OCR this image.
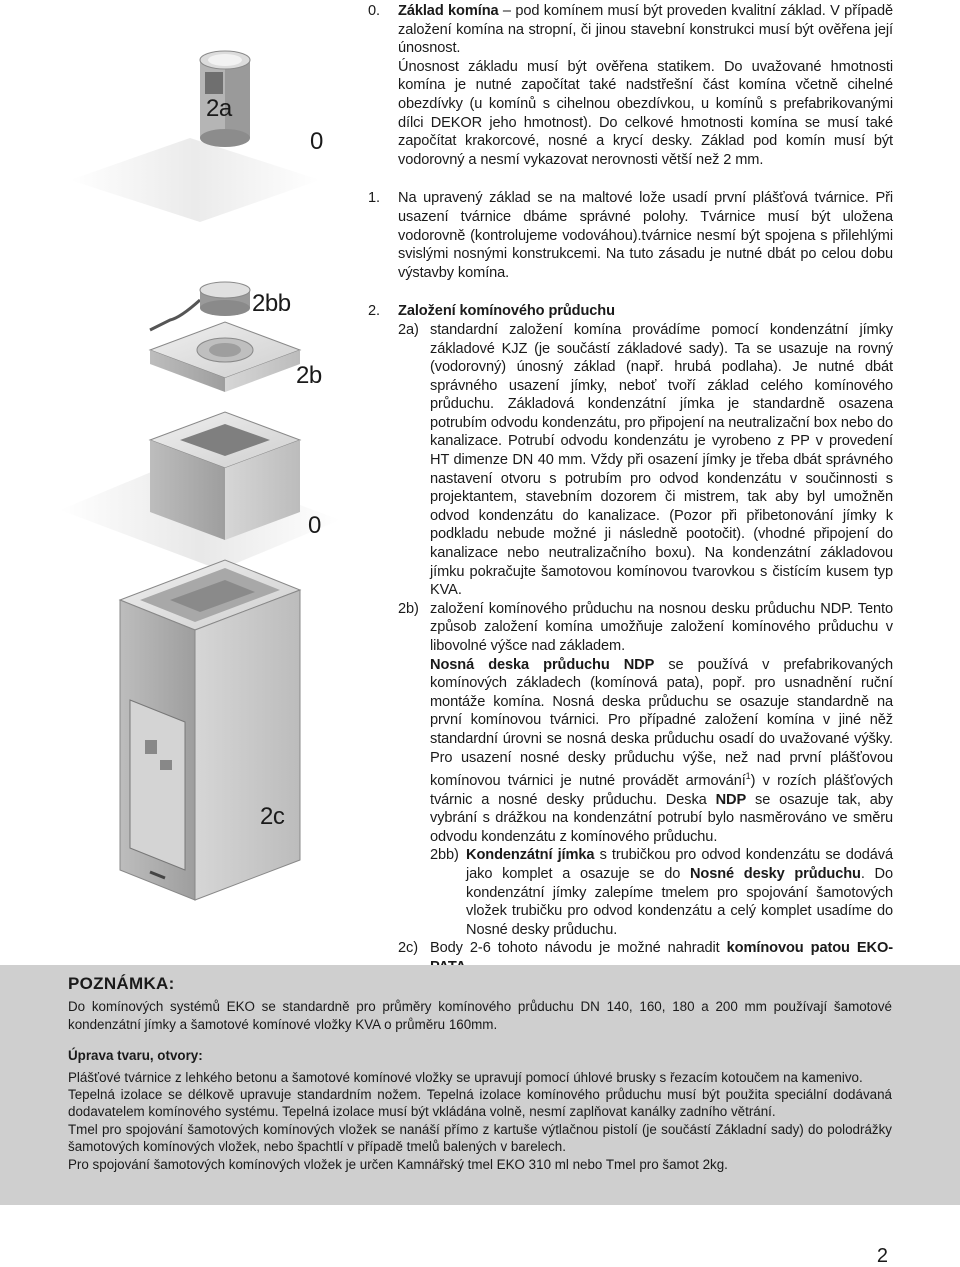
2a
0
2bb
2b
0
2c
0. Základ komína – pod komínem musí být proveden kvalitní základ. V případě založení komína na stropní, či jinou stavební konstrukci musí být ověřena její únosnost.

Únosnost základu musí být ověřena statikem. Do uvažované hmotnosti komína je nutné započítat také nadstřešní část komína včetně cihelné obezdívky (u komínů s cihelnou obezdívkou, u komínů s prefabrikovanými dílci DEKOR jeho hmotnost). Do celkové hmotnosti komína se musí také započítat krakorcové, nosné a krycí desky. Základ pod komín musí být vodorovný a nesmí vykazovat nerovnosti větší než 2 mm.

1. Na upravený základ se na maltové lože usadí první plášťová tvárnice. Při usazení tvárnice dbáme správné polohy. Tvárnice musí být uložena vodorovně (kontrolujeme vodováhou).tvárnice nesmí být spojena s přilehlými svislými nosnými konstrukcemi. Na tuto zásadu je nutné dbát po celou dobu výstavby komína.

2. Založení komínového průduchu

2a) standardní založení komína provádíme pomocí kondenzátní jímky základové KJZ (je součástí základové sady). Ta se usazuje na rovný (vodorovný) únosný základ (např. hrubá podlaha). Je nutné dbát správného usazení jímky, neboť tvoří základ celého komínového průduchu. Základová kondenzátní jímka je standardně osazena potrubím odvodu kondenzátu, pro připojení na neutralizační box nebo do kanalizace. Potrubí odvodu kondenzátu je vyrobeno z PP v provedení HT dimenze DN 40 mm. Vždy při osazení jímky je třeba dbát správného nastavení otvoru s potrubím pro odvod kondenzátu v součinnosti s projektantem, stavebním dozorem či mistrem, tak aby byl umožněn odvod kondenzátu do kanalizace. (Pozor při přibetonování jímky k podkladu nebude možné ji následně pootočit). (vhodné připojení do kanalizace nebo neutralizačního boxu). Na kondenzátní základovou jímku pokračujte šamotovou komínovou tvarovkou s čistícím kusem typ KVA.

2b) založení komínového průduchu na nosnou desku průduchu NDP. Tento způsob založení komína umožňuje založení komínového průduchu v libovolné výšce nad základem.

Nosná deska průduchu NDP se používá v prefabrikovaných komínových základech (komínová pata), popř. pro usnadnění ruční montáže komína. Nosná deska průduchu se osazuje standardně na první komínovou tvárnici. Pro případné založení komína v jiné něž standardní úrovni se nosná deska průduchu osadí do uvažované výšky. Pro usazení nosné desky průduchu výše, než nad první plášťovou komínovou tvárnici je nutné provádět armování$^1$) v rozích plášťových tvárnic a nosné desky průduchu. Deska NDP se osazuje tak, aby vybrání s drážkou na kondenzátní potrubí bylo nasměrováno ve směru odvodu kondenzátu z komínového průduchu.

2bb) Kondenzátní jímka s trubičkou pro odvod kondenzátu se dodává jako komplet a osazuje se do Nosné desky průduchu. Do kondenzátní jímky zalepíme tmelem pro spojování šamotových vložek trubičku pro odvod kondenzátu a celý komplet usadíme do Nosné desky průduchu.

2c) Body 2-6 tohoto návodu je možné nahradit komínovou patou EKO-

POZNÁMKA:

Do komínových systémů EKO se standardně pro průměry komínového průduchu DN 140, 160, 180 a 200 mm používají šamotové kondenzátní jímky a šamotové komínové vložky KVA o průměru 160mm.

Úprava tvaru, otvory:

Plášťové tvárnice z lehkého betonu a šamotové komínové vložky se upravují pomocí úhlové brusky s řezacím kotoučem na kamenivo.

Tepelná izolace se délkově upravuje standardním nožem. Tepelná izolace komínového průduchu musí být použita speciální dodávaná dodavatelem komínového systému. Tepelná izolace musí být vkládána volně, nesmí zaplňovat kanálky zadního větrání.

Tmel pro spojování šamotových komínových vložek se nanáší přímo z kartuše výtlačnou pistolí (je součástí Základní sady) do polodrážky šamotových komínových vložek, nebo špachtlí v případě tmelů balených v barelech.

Pro spojování šamotových komínových vložek je určen Kamnářský tmel EKO 310 ml nebo Tmel pro šamot 2kg.

2
